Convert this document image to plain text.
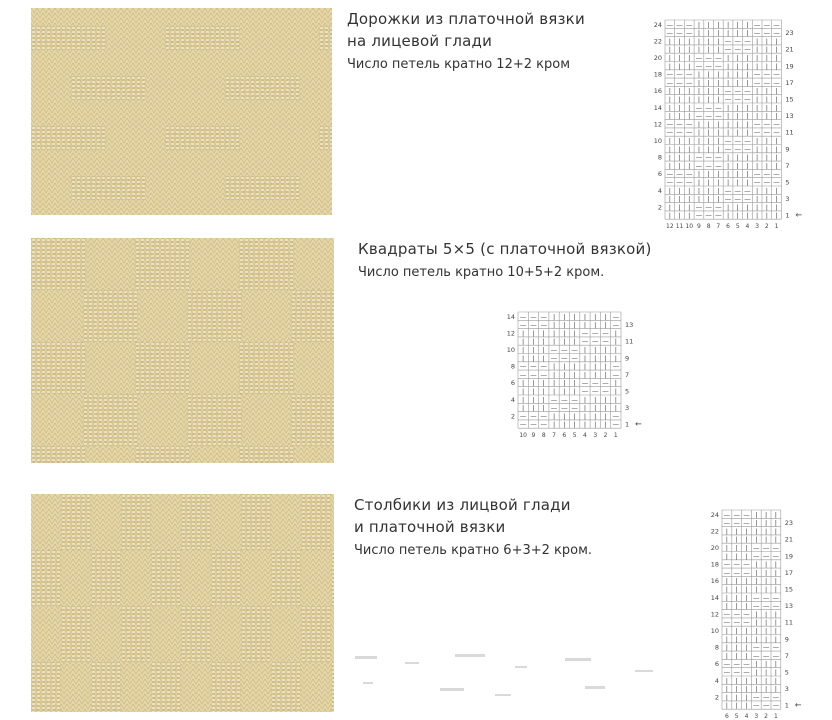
Дорожки из платочной вязки
на лицевой глади
Число петель кратно 12+2 кром
— — — | | | | | | — — —
— — — | | | | | | — — —
| | | | | | — — — | | |
| | | | | | — — — | | |
| | | — — — | | | | | |
| | | — — — | | | | | |
— — — | | | | | | — — —
— — — | | | | | | — — —
| | | | | | — — — | | |
| | | | | | — — — | | |
| | | — — — | | | | | |
| | | — — — | | | | | |
— — — | | | | | | — — —
— — — | | | | | | — — —
| | | | | | — — — | | |
| | | | | | — — — | | |
| | | — — — | | | | | |
| | | — — — | | | | | |
— — — | | | | | | — — —
— — — | | | | | | — — —
| | | | | | — — — | | |
| | | | | | — — — | | |
| | | — — — | | | | | |
| | | — — — | | | | | |
24
22
20
18
16
14
12
10
8
6
4
2
23
21
19
17
15
13
11
9
7
5
3
1 ←
12 11 10 9 8 7 6 5 4 3 2 1
Квадраты 5×5 (с платочной вязкой)
Число петель кратно 10+5+2 кром.
— — — | | | | | | —
— — — | | | | | | —
| | | | | | — — — |
| | | | | | — — — |
| | | — — — | | | |
| | | — — — | | | |
— — — | | | | | | —
— — — | | | | | | —
| | | | | | — — — |
| | | | | | — — — |
| | | — — — | | | |
| | | — — — | | | |
— — — | | | | | | —
— — — | | | | | | —
14
12
10
8
6
4
2
13
11
9
7
5
3
1 ←
10 9 8 7 6 5 4 3 2 1
Столбики из лицвой глади
и платочной вязки
Число петель кратно 6+3+2 кром.
— — — | | |
— — — | | |
| | | | | |
| | | | | |
| | | — — —
| | | — — —
— — — | | |
— — — | | |
| | | | | |
| | | | | |
| | | — — —
| | | — — —
— — — | | |
— — — | | |
| | | | | |
| | | | | |
| | | — — —
| | | — — —
— — — | | |
— — — | | |
| | | | | |
| | | | | |
| | | — — —
| | | — — —
24
22
20
18
16
14
12
10
8
6
4
2
23
21
19
17
15
13
11
9
7
5
3
1 ←
6 5 4 3 2 1
